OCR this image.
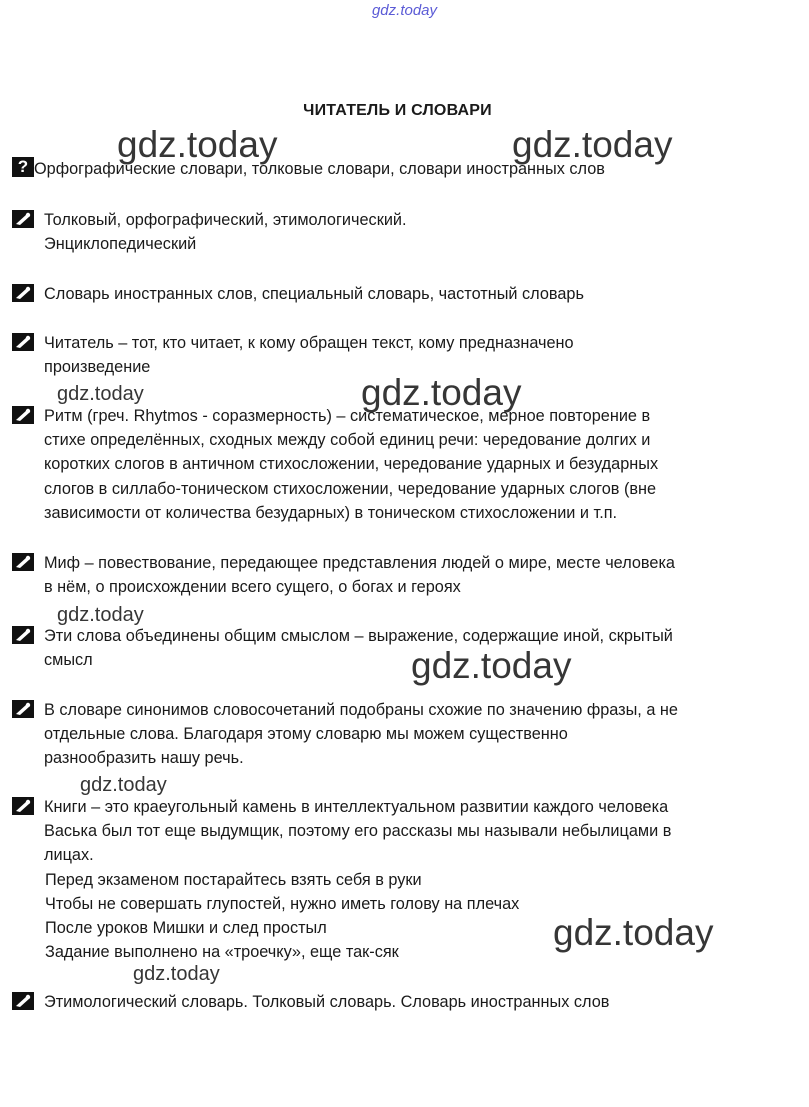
gdz.today
ЧИТАТЕЛЬ И СЛОВАРИ
? Орфографические словари, толковые словари, словари иностранных слов

Толковый, орфографический, этимологический.

Энциклопедический

Словарь иностранных слов, специальный словарь, частотный словарь

Читатель – тот, кто читает, к кому обращен текст, кому предназначено

произведение

Ритм (греч. Rhytmos - соразмерность) – систематическое, мерное повторение в

стихе определённых, сходных между собой единиц речи: чередование долгих и

коротких слогов в античном стихосложении, чередование ударных и безударных

слогов в силлабо-тоническом стихосложении, чередование ударных слогов (вне

зависимости от количества безударных) в тоническом стихосложении и т.п.

Миф – повествование, передающее представления людей о мире, месте человека

в нём, о происхождении всего сущего, о богах и героях

Эти слова объединены общим смыслом – выражение, содержащие иной, скрытый

смысл

В словаре синонимов словосочетаний подобраны схожие по значению фразы, а не

отдельные слова. Благодаря этому словарю мы можем существенно

разнообразить нашу речь.

Книги – это краеугольный камень в интеллектуальном развитии каждого человека

Васька был тот еще выдумщик, поэтому его рассказы мы называли небылицами в

лицах.

Перед экзаменом постарайтесь взять себя в руки

Чтобы не совершать глупостей, нужно иметь голову на плечах

После уроков Мишки и след простыл

Задание выполнено на «троечку», еще так-сяк

Этимологический словарь. Толковый словарь. Словарь иностранных слов

gdz.today	gdz.today
gdz.today	gdz.today
gdz.today
gdz.today
gdz.today
gdz.today
gdz.today
